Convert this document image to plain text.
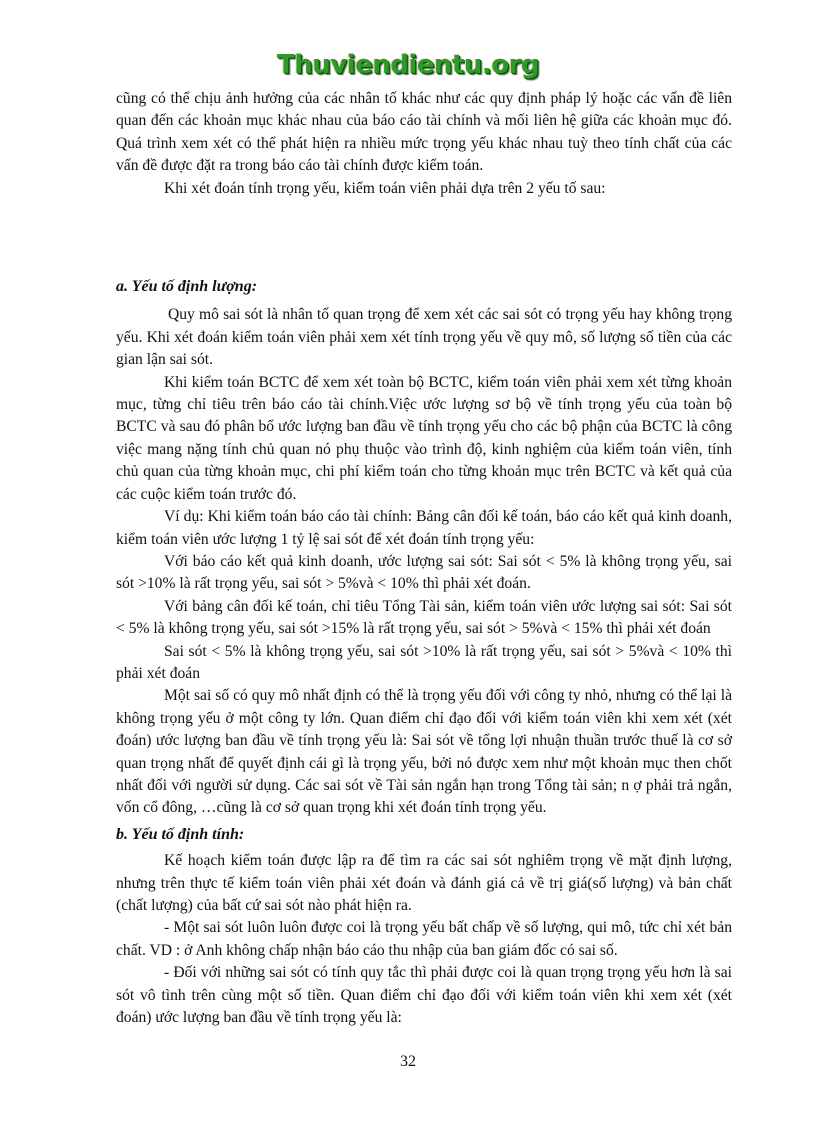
Thuviendientu.org

cũng có thể chịu ảnh hưởng của các nhân tố khác như các quy định pháp lý hoặc các vấn đề liên quan đến các khoản mục khác nhau của báo cáo tài chính và mối liên hệ giữa các khoản mục đó. Quá trình xem xét có thể phát hiện ra nhiều mức trọng yếu khác nhau tuỳ theo tính chất của các vấn đề được đặt ra trong báo cáo tài chính được kiểm toán.

Khi xét đoán tính trọng yếu, kiểm toán viên phải dựa trên 2 yếu tố sau:

a. Yếu tố định lượng:

Quy mô sai sót là nhân tố quan trọng để xem xét các sai sót có trọng yếu hay không trọng yếu. Khi xét đoán kiểm toán viên phải xem xét tính trọng yếu về quy mô, số lượng số tiền của các gian lận sai sót.

Khi kiểm toán BCTC để xem xét toàn bộ BCTC, kiểm toán viên phải xem xét từng khoản mục, từng chỉ tiêu trên báo cáo tài chính.Việc ước lượng sơ bộ về tính trọng yếu của toàn bộ BCTC và sau đó phân bổ ước lượng ban đầu về tính trọng yếu cho các bộ phận của BCTC là công việc mang nặng tính chủ quan nó phụ thuộc vào trình độ, kinh nghiệm của kiểm toán viên, tính chủ quan của từng khoản mục, chi phí kiểm toán cho từng khoản mục trên BCTC và kết quả của các cuộc kiểm toán trước đó.

Ví dụ: Khi kiểm toán báo cáo tài chính: Bảng cân đối kế toán, báo cáo kết quả kinh doanh, kiểm toán viên ước lượng 1 tỷ lệ sai sót để xét đoán tính trọng yếu:

Với báo cáo kết quả kinh doanh, ước lượng sai sót: Sai sót < 5% là không trọng yếu, sai sót >10% là rất trọng yếu, sai sót > 5%và < 10% thì phải xét đoán.

Với bảng cân đối kế toán, chỉ tiêu Tổng Tài sản, kiểm toán viên ước lượng sai sót: Sai sót < 5% là không trọng yếu, sai sót >15% là rất trọng yếu, sai sót > 5%và < 15% thì phải xét đoán

Sai sót < 5% là không trọng yếu, sai sót >10% là rất trọng yếu, sai sót > 5%và < 10% thì phải xét đoán

Một sai số có quy mô nhất định có thể là trọng yếu đối với công ty nhỏ, nhưng có thể lại là không trọng yếu ở một công ty lớn. Quan điểm chỉ đạo đối với kiểm toán viên khi xem xét (xét đoán) ước lượng ban đầu về tính trọng yếu là: Sai sót về tổng lợi nhuận thuần trước thuế là cơ sở quan trọng nhất để quyết định cái gì là trọng yếu, bởi nó được xem như một khoản mục then chốt nhất đối với người sử dụng. Các sai sót về Tài sản ngắn hạn trong Tổng tài sản; n ợ phải trả ngắn, vốn cổ đông, …cũng là cơ sở quan trọng khi xét đoán tính trọng yếu.

b. Yếu tố định tính:

Kế hoạch kiểm toán được lập ra để tìm ra các sai sót nghiêm trọng về mặt định lượng, nhưng trên thực tế kiểm toán viên phải xét đoán và đánh giá cả về trị giá(số lượng) và bản chất (chất lượng) của bất cứ sai sót nào phát hiện ra.

- Một sai sót luôn luôn được coi là trọng yếu bất chấp về số lượng, qui mô, tức chỉ xét bản chất. VD : ở Anh không chấp nhận báo cáo thu nhập của ban giám đốc có sai số.

- Đối với những sai sót có tính quy tắc thì phải được coi là quan trọng trọng yếu hơn là sai sót vô tình trên cùng một số tiền. Quan điểm chỉ đạo đối với kiểm toán viên khi xem xét (xét đoán) ước lượng ban đầu về tính trọng yếu là:

32
